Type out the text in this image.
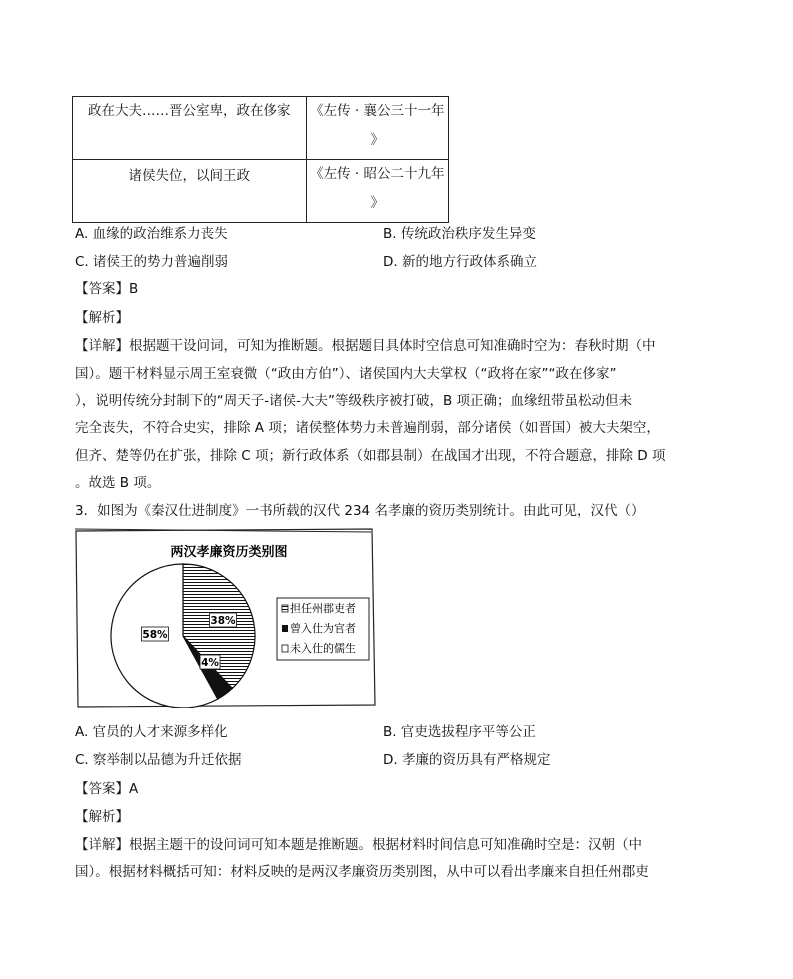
政在大夫……晋公室卑，政在侈家	《左传 · 襄公三十一年
》

诸侯失位，以间王政	《左传 · 昭公二十九年
》
A. 血缘的政治维系力丧失	B. 传统政治秩序发生异变
C. 诸侯王的势力普遍削弱	D. 新的地方行政体系确立
【答案】B
【解析】
【详解】根据题干设问词，可知为推断题。根据题目具体时空信息可知准确时空为：春秋时期（中
国）。题干材料显示周王室衰微（“政由方伯”）、诸侯国内大夫掌权（“政将在家”“政在侈家”
），说明传统分封制下的“周天子-诸侯-大夫”等级秩序被打破，B 项正确；血缘纽带虽松动但未
完全丧失，不符合史实，排除 A 项；诸侯整体势力未普遍削弱，部分诸侯（如晋国）被大夫架空，
但齐、楚等仍在扩张，排除 C 项；新行政体系（如郡县制）在战国才出现，不符合题意，排除 D 项
。故选 B 项。
3．如图为《秦汉仕进制度》一书所载的汉代 234 名孝廉的资历类别统计。由此可见，汉代（）
两汉孝廉资历类别图
38%
4%
58%
担任州郡吏者
曾入仕为官者
未入仕的儒生
A. 官员的人才来源多样化	B. 官吏选拔程序平等公正
C. 察举制以品德为升迁依据	D. 孝廉的资历具有严格规定
【答案】A
【解析】
【详解】根据主题干的设问词可知本题是推断题。根据材料时间信息可知准确时空是：汉朝（中
国）。根据材料概括可知：材料反映的是两汉孝廉资历类别图，从中可以看出孝廉来自担任州郡吏
